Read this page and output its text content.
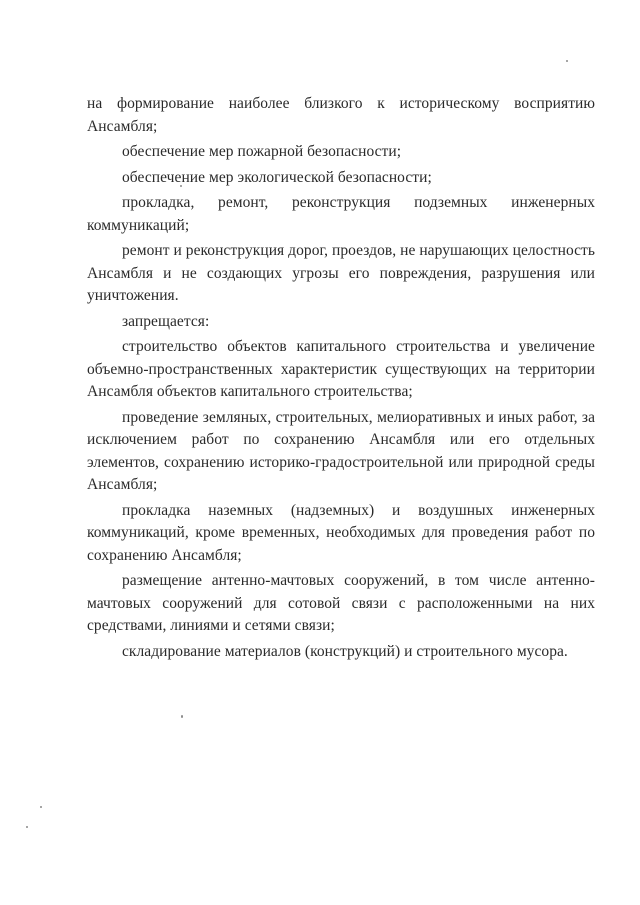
на формирование наиболее близкого к историческому восприятию Ансамбля;

обеспечение мер пожарной безопасности;

обеспечение мер экологической безопасности;

прокладка, ремонт, реконструкция подземных инженерных коммуникаций;

ремонт и реконструкция дорог, проездов, не нарушающих целостность Ансамбля и не создающих угрозы его повреждения, разрушения или уничтожения.

запрещается:

строительство объектов капитального строительства и увеличение объемно-пространственных характеристик существующих на территории Ансамбля объектов капитального строительства;

проведение земляных, строительных, мелиоративных и иных работ, за исключением работ по сохранению Ансамбля или его отдельных элементов, сохранению историко-градостроительной или природной среды Ансамбля;

прокладка наземных (надземных) и воздушных инженерных коммуникаций, кроме временных, необходимых для проведения работ по сохранению Ансамбля;

размещение антенно-мачтовых сооружений, в том числе антенно-мачтовых сооружений для сотовой связи с расположенными на них средствами, линиями и сетями связи;

складирование материалов (конструкций) и строительного мусора.
